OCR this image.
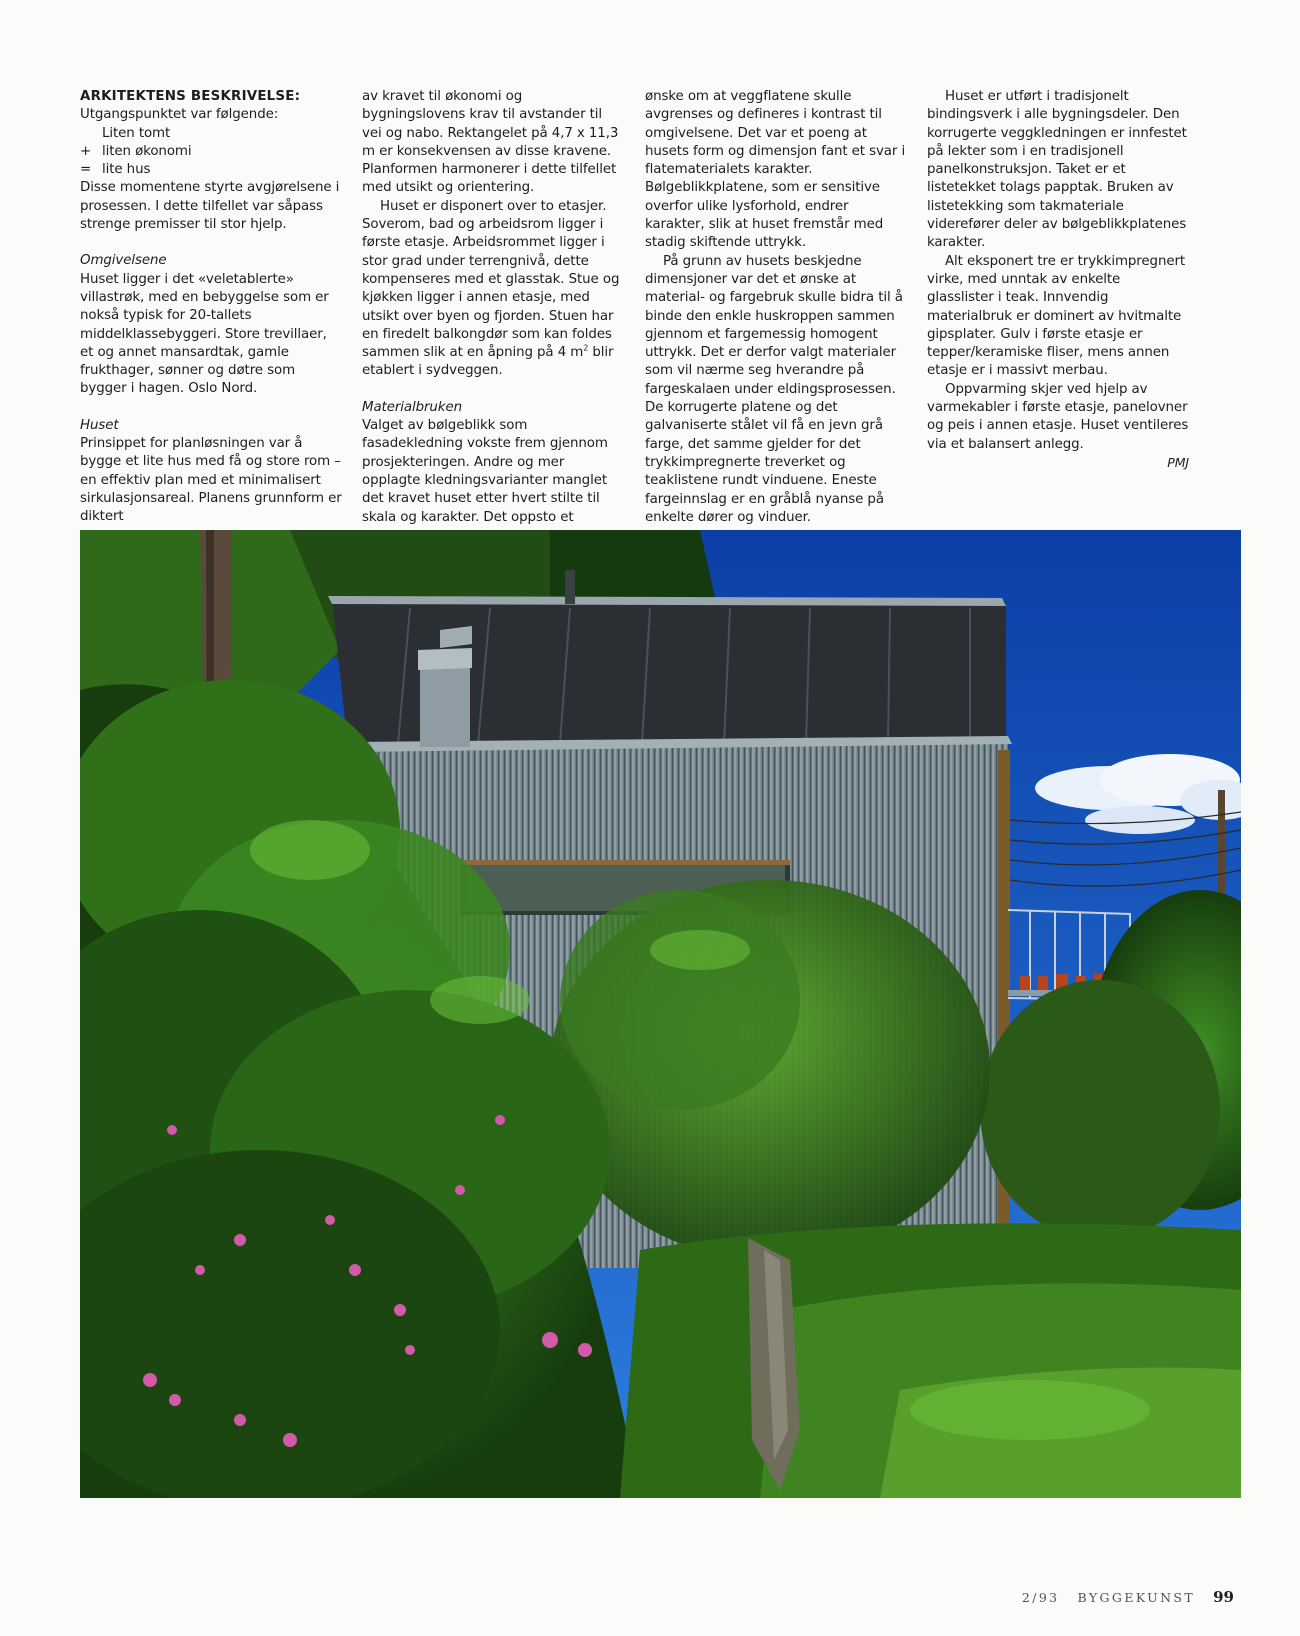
ARKITEKTENS BESKRIVELSE:

Utgangspunktet var følgende:

Liten tomt

+ liten økonomi

= lite hus

Disse momentene styrte avgjørelsene i prosessen. I dette tilfellet var såpass strenge premisser til stor hjelp.

Omgivelsene

Huset ligger i det «veletablerte» villastrøk, med en bebyggelse som er nokså typisk for 20-tallets middelklassebyggeri. Store trevillaer, et og annet mansardtak, gamle frukthager, sønner og døtre som bygger i hagen. Oslo Nord.

Huset

Prinsippet for planløsningen var å bygge et lite hus med få og store rom – en effektiv plan med et minimalisert sirkulasjonsareal. Planens grunnform er diktert

av kravet til økonomi og bygningslovens krav til avstander til vei og nabo. Rektangelet på 4,7 x 11,3 m er konsekvensen av disse kravene. Planformen harmonerer i dette tilfellet med utsikt og orientering.

Huset er disponert over to etasjer. Soverom, bad og arbeidsrom ligger i første etasje. Arbeidsrommet ligger i stor grad under terrengnivå, dette kompenseres med et glasstak. Stue og kjøkken ligger i annen etasje, med utsikt over byen og fjorden. Stuen har en firedelt balkongdør som kan foldes sammen slik at en åpning på 4 $m^2$ blir etablert i sydveggen.

Materialbruken

Valget av bølgeblikk som fasadekledning vokste frem gjennom prosjekteringen. Andre og mer opplagte kledningsvarianter manglet det kravet huset etter hvert stilte til skala og karakter. Det oppsto et

ønske om at veggflatene skulle avgrenses og defineres i kontrast til omgivelsene. Det var et poeng at husets form og dimensjon fant et svar i flatematerialets karakter. Bølgeblikkplatene, som er sensitive overfor ulike lysforhold, endrer karakter, slik at huset fremstår med stadig skiftende uttrykk.

På grunn av husets beskjedne dimensjoner var det et ønske at material- og fargebruk skulle bidra til å binde den enkle huskroppen sammen gjennom et fargemessig homogent uttrykk. Det er derfor valgt materialer som vil nærme seg hverandre på fargeskalaen under eldingsprosessen. De korrugerte platene og det galvaniserte stålet vil få en jevn grå farge, det samme gjelder for det trykkimpregnerte treverket og teaklistene rundt vinduene. Eneste fargeinnslag er en gråblå nyanse på enkelte dører og vinduer.

Huset er utført i tradisjonelt bindingsverk i alle bygningsdeler. Den korrugerte veggkledningen er innfestet på lekter som i en tradisjonell panelkonstruksjon. Taket er et listetekket tolags papptak. Bruken av listetekking som takmateriale viderefører deler av bølgeblikkplatenes karakter.

Alt eksponert tre er trykkimpregnert virke, med unntak av enkelte glasslister i teak. Innvendig materialbruk er dominert av hvitmalte gipsplater. Gulv i første etasje er tepper/keramiske fliser, mens annen etasje er i massivt merbau.

Oppvarming skjer ved hjelp av varmekabler i første etasje, panelovner og peis i annen etasje. Huset ventileres via et balansert anlegg.

PMJ

2/93 BYGGEKUNST 99
